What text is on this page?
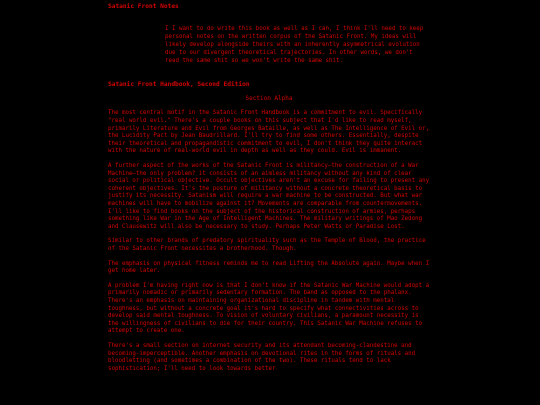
Satanic Front Notes
I I want to do write this book as well as I can, I think I'll need to keep personal notes on the written corpus of the Satanic Front. My ideas will likely develop alongside theirs with an inherently asymmetrical evolution due to our divergent theoretical trajectories. In other words, we don't read the same shit so we won't write the same shit.
Satanic Front Handbook, Second Edition
Section Alpha

The most central motif in the Satanic Front Handbook is a commitment to evil. Specifically "real world evil." There's a couple books on this subject that I'd like to read myself, primarily Literature and Evil from Georges Bataille, as well as The Intelligence of Evil or, the Lucidity Pact by Jean Baudrillard. I'll try to find some others. Essentially, despite their theoretical and propagandistic commitment to evil, I don't think they quite interact with the nature of real-world evil in depth as well as they could. Evil is immanent.

A further aspect of the works of the Satanic Front is militancy—the construction of a War Machine—the only problem? it consists of an aimless militancy without any kind of clear social or political objective. Occult objectives aren't an excuse for failing to present any coherent objectives. It's the posture of militancy without a concrete theoretical basis to justify its necessity. Satanism will require a war machine to be constructed. But what war machines will have to mobilize against it? Movements are comparable from countermovements. I'll like to find books on the subject of the historical construction of armies, perhaps something like War in the Age of Intelligent Machines. The military writings of Mao Zedong and Clausewitz will also be necessary to study. Perhaps Peter Watts or Paradise Lost.

Similar to other brands of predatory spirituality such as the Temple of Blood, the practice of the Satanic Front necessites a brotherhood. Though.

The emphasis on physical fitness reminds me to read Lifting the Absolute again. Maybe when I get home later.

A problem I'm having right now is that I don't know if the Satanic War Machine would adopt a primarily nomadic or primarily sedentary formation. The band as opposed to the phalanx. There's an emphasis on maintaining organizational discipline in tandem with mental toughness, but without a concrete goal it's hard to specify what connectivities across to develop said mental toughness. To vision of voluntary civilians, a paramount necessity is the willingness of civilians to die for their country. This Satanic War Machine refuses to attempt to create one.

There's a small section on internet security and its attendant becoming-clandestine and becoming-imperceptible. Another emphasis on devotional rites in the forms of rituals and bloodletting (and sometimes a combination of the two). These rituals tend to lack sophistication; I'll need to look towards better
